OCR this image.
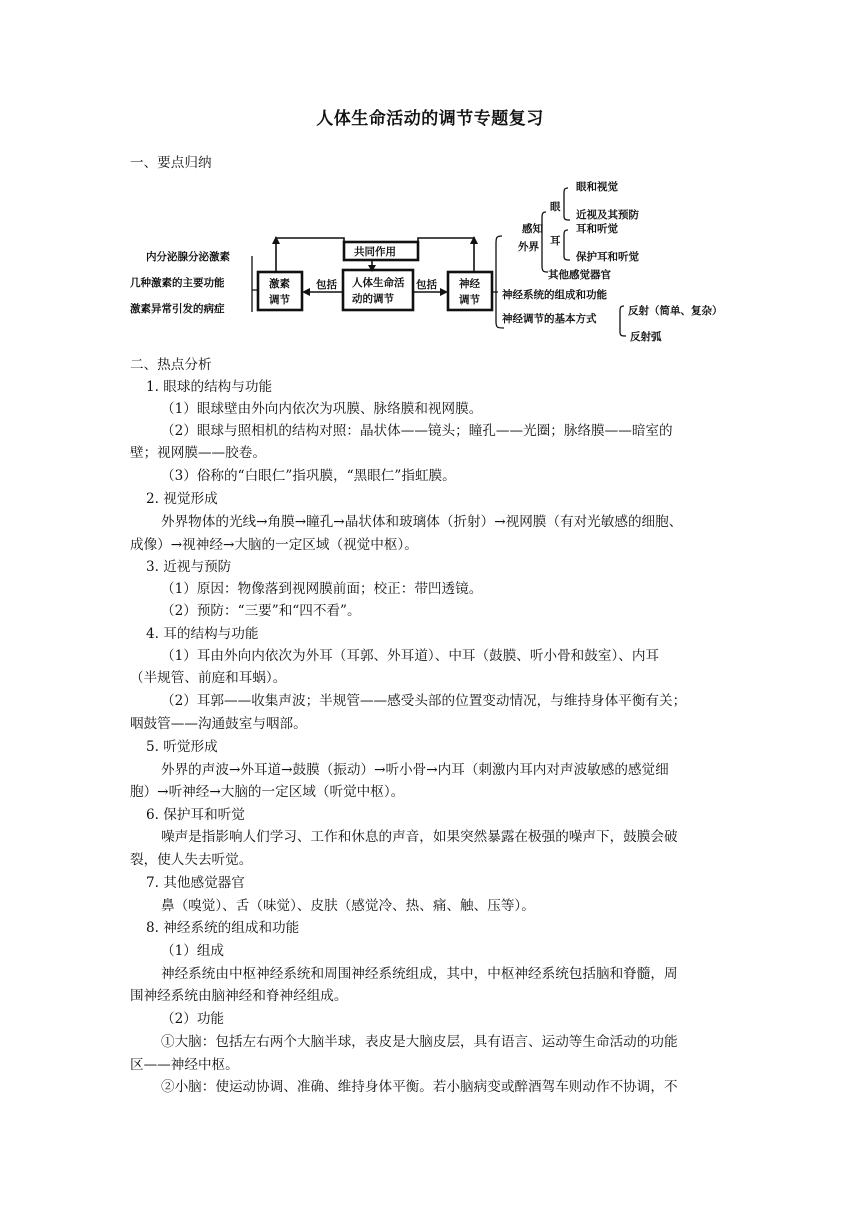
人体生命活动的调节专题复习
一、要点归纳
内分泌腺分泌激素
几种激素的主要功能
激素异常引发的病症
激素
调节
人体生命活
动的调节
共同作用
神经
调节
包括	包括
感知
外界
眼
眼和视觉
近视及其预防
耳
耳和听觉
保护耳和听觉
其他感觉器官
神经系统的组成和功能
神经调节的基本方式
反射（简单、复杂）
反射弧
二、热点分析
1. 眼球的结构与功能
（1）眼球壁由外向内依次为巩膜、脉络膜和视网膜。
（2）眼球与照相机的结构对照：晶状体——镜头；瞳孔——光圈；脉络膜——暗室的
壁；视网膜——胶卷。
（3）俗称的“白眼仁”指巩膜，“黑眼仁”指虹膜。
2. 视觉形成
外界物体的光线→角膜→瞳孔→晶状体和玻璃体（折射）→视网膜（有对光敏感的细胞、
成像）→视神经→大脑的一定区域（视觉中枢）。
3. 近视与预防
（1）原因：物像落到视网膜前面；校正：带凹透镜。
（2）预防：“三要”和“四不看”。
4. 耳的结构与功能
（1）耳由外向内依次为外耳（耳郭、外耳道）、中耳（鼓膜、听小骨和鼓室）、内耳
（半规管、前庭和耳蜗）。
（2）耳郭——收集声波；半规管——感受头部的位置变动情况，与维持身体平衡有关；
咽鼓管——沟通鼓室与咽部。
5. 听觉形成
外界的声波→外耳道→鼓膜（振动）→听小骨→内耳（刺激内耳内对声波敏感的感觉细
胞）→听神经→大脑的一定区域（听觉中枢）。
6. 保护耳和听觉
噪声是指影响人们学习、工作和休息的声音，如果突然暴露在极强的噪声下，鼓膜会破
裂，使人失去听觉。
7. 其他感觉器官
鼻（嗅觉）、舌（味觉）、皮肤（感觉冷、热、痛、触、压等）。
8. 神经系统的组成和功能
（1）组成
神经系统由中枢神经系统和周围神经系统组成，其中，中枢神经系统包括脑和脊髓，周
围神经系统由脑神经和脊神经组成。
（2）功能
①大脑：包括左右两个大脑半球，表皮是大脑皮层，具有语言、运动等生命活动的功能
区——神经中枢。
②小脑：使运动协调、准确、维持身体平衡。若小脑病变或醉酒驾车则动作不协调，不
